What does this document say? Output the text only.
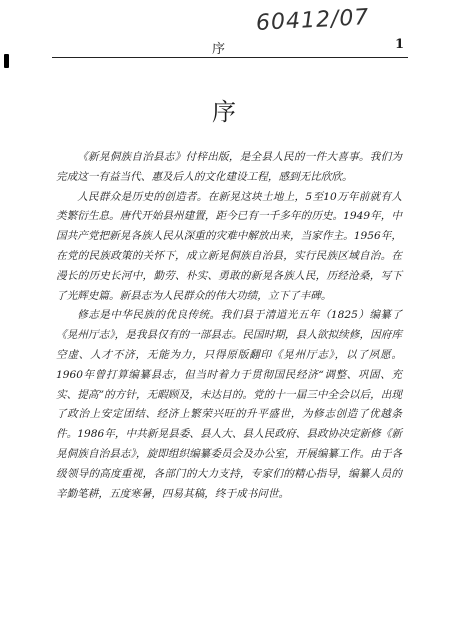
60412/07
序	1
序

《新晃侗族自治县志》付梓出版，是全县人民的一件大喜事。我们为完成这一有益当代、惠及后人的文化建设工程，感到无比欣欣。

人民群众是历史的创造者。在新晃这块土地上，5至10万年前就有人类繁衍生息。唐代开始县州建置，距今已有一千多年的历史。1949年，中国共产党把新晃各族人民从深重的灾难中解放出来，当家作主。1956年，在党的民族政策的关怀下，成立新晃侗族自治县，实行民族区域自治。在漫长的历史长河中，勤劳、朴实、勇敢的新晃各族人民，历经沧桑，写下了光辉史篇。新县志为人民群众的伟大功绩，立下了丰碑。

修志是中华民族的优良传统。我们县于清道光五年（1825）编纂了《晃州厅志》，是我县仅有的一部县志。民国时期，县人欲拟续修，因府库空虚、人才不济，无能为力，只得原版翻印《晃州厅志》，以了夙愿。1960年曾打算编纂县志，但当时着力于贯彻国民经济“调整、巩固、充实、提高”的方针，无暇顾及，未达目的。党的十一届三中全会以后，出现了政治上安定团结、经济上繁荣兴旺的升平盛世，为修志创造了优越条件。1986年，中共新晃县委、县人大、县人民政府、县政协决定新修《新晃侗族自治县志》，旋即组织编纂委员会及办公室，开展编纂工作。由于各级领导的高度重视，各部门的大力支持，专家们的精心指导，编纂人员的辛勤笔耕，五度寒暑，四易其稿，终于成书问世。
